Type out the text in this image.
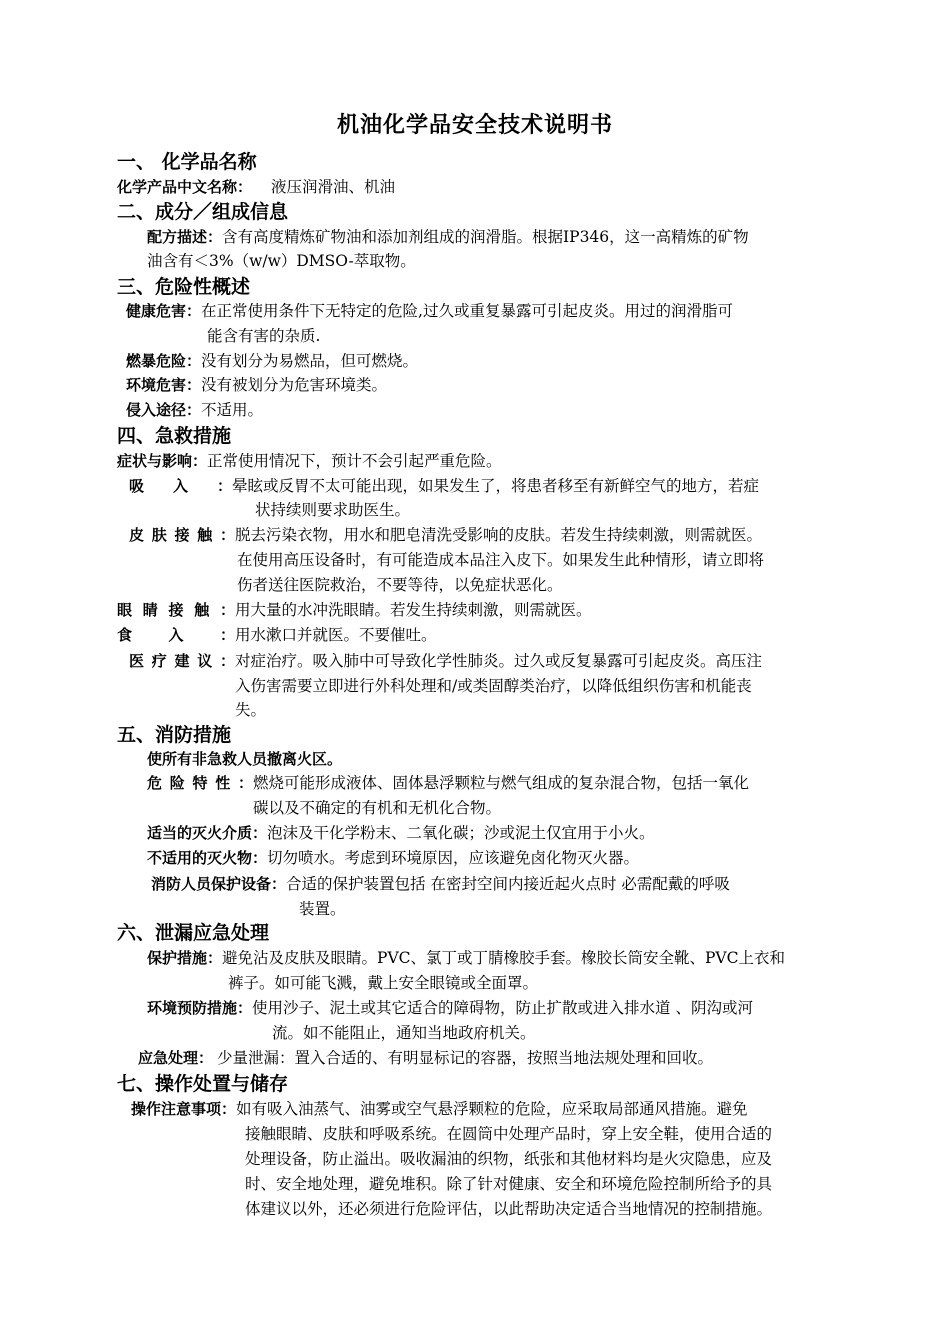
机油化学品安全技术说明书
一、 化学品名称
化学产品中文名称： 液压润滑油、机油
二、成分／组成信息
配方描述：含有高度精炼矿物油和添加剂组成的润滑脂。根据IP346，这一高精炼的矿物
油含有＜3%（w/w）DMSO-萃取物。
三、危险性概述
健康危害：在正常使用条件下无特定的危险,过久或重复暴露可引起皮炎。用过的润滑脂可
能含有害的杂质.
燃暴危险：没有划分为易燃品，但可燃烧。
环境危害：没有被划分为危害环境类。
侵入途径：不适用。
四、急救措施
症状与影响：正常使用情况下，预计不会引起严重危险。
吸入：晕眩或反胃不太可能出现，如果发生了，将患者移至有新鲜空气的地方，若症
状持续则要求助医生。
皮肤接触：脱去污染衣物，用水和肥皂清洗受影响的皮肤。若发生持续刺激，则需就医。
在使用高压设备时，有可能造成本品注入皮下。如果发生此种情形，请立即将
伤者送往医院救治，不要等待，以免症状恶化。
眼睛接触：用大量的水冲洗眼睛。若发生持续刺激，则需就医。
食入：用水漱口并就医。不要催吐。
医疗建议：对症治疗。吸入肺中可导致化学性肺炎。过久或反复暴露可引起皮炎。高压注
入伤害需要立即进行外科处理和/或类固醇类治疗，以降低组织伤害和机能丧
失。
五、消防措施
使所有非急救人员撤离火区。
危险特性：燃烧可能形成液体、固体悬浮颗粒与燃气组成的复杂混合物，包括一氧化
碳以及不确定的有机和无机化合物。
适当的灭火介质：泡沫及干化学粉末、二氧化碳；沙或泥土仅宜用于小火。
不适用的灭火物：切勿喷水。考虑到环境原因，应该避免卤化物灭火器。
消防人员保护设备：合适的保护装置包括 在密封空间内接近起火点时 必需配戴的呼吸
装置。
六、泄漏应急处理
保护措施：避免沾及皮肤及眼睛。PVC、氯丁或丁腈橡胶手套。橡胶长筒安全靴、PVC上衣和
裤子。如可能飞溅，戴上安全眼镜或全面罩。
环境预防措施：使用沙子、泥土或其它适合的障碍物，防止扩散或进入排水道 、阴沟或河
流。如不能阻止，通知当地政府机关。
应急处理： 少量泄漏：置入合适的、有明显标记的容器，按照当地法规处理和回收。
七、操作处置与储存
操作注意事项：如有吸入油蒸气、油雾或空气悬浮颗粒的危险，应采取局部通风措施。避免
接触眼睛、皮肤和呼吸系统。在圆筒中处理产品时，穿上安全鞋，使用合适的
处理设备，防止溢出。吸收漏油的织物，纸张和其他材料均是火灾隐患，应及
时、安全地处理，避免堆积。除了针对健康、安全和环境危险控制所给予的具
体建议以外，还必须进行危险评估，以此帮助决定适合当地情况的控制措施。
